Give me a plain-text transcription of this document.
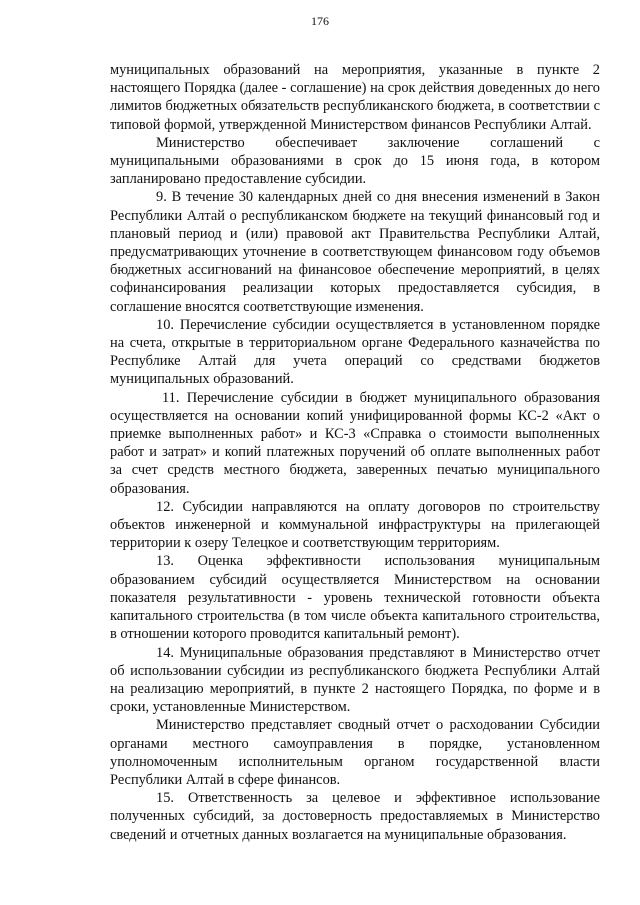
176

муниципальных образований на мероприятия, указанные в пункте 2 настоящего Порядка (далее - соглашение) на срок действия доведенных до него лимитов бюджетных обязательств республиканского бюджета, в соответствии с типовой формой, утвержденной Министерством финансов Республики Алтай.

Министерство обеспечивает заключение соглашений с муниципальными образованиями в срок до 15 июня года, в котором запланировано предоставление субсидии.

9. В течение 30 календарных дней со дня внесения изменений в Закон Республики Алтай о республиканском бюджете на текущий финансовый год и плановый период и (или) правовой акт Правительства Республики Алтай, предусматривающих уточнение в соответствующем финансовом году объемов бюджетных ассигнований на финансовое обеспечение мероприятий, в целях софинансирования реализации которых предоставляется субсидия, в соглашение вносятся соответствующие изменения.

10. Перечисление субсидии осуществляется в установленном порядке на счета, открытые в территориальном органе Федерального казначейства по Республике Алтай для учета операций со средствами бюджетов муниципальных образований.

11. Перечисление субсидии в бюджет муниципального образования осуществляется на основании копий унифицированной формы КС-2 «Акт о приемке выполненных работ» и КС-3 «Справка о стоимости выполненных работ и затрат» и копий платежных поручений об оплате выполненных работ за счет средств местного бюджета, заверенных печатью муниципального образования.

12. Субсидии направляются на оплату договоров по строительству объектов инженерной и коммунальной инфраструктуры на прилегающей территории к озеру Телецкое и соответствующим территориям.

13. Оценка эффективности использования муниципальным образованием субсидий осуществляется Министерством на основании показателя результативности - уровень технической готовности объекта капитального строительства (в том числе объекта капитального строительства, в отношении которого проводится капитальный ремонт).

14. Муниципальные образования представляют в Министерство отчет об использовании субсидии из республиканского бюджета Республики Алтай на реализацию мероприятий, в пункте 2 настоящего Порядка, по форме и в сроки, установленные Министерством.

Министерство представляет сводный отчет о расходовании Субсидии органами местного самоуправления в порядке, установленном уполномоченным исполнительным органом государственной власти Республики Алтай в сфере финансов.

15. Ответственность за целевое и эффективное использование полученных субсидий, за достоверность предоставляемых в Министерство сведений и отчетных данных возлагается на муниципальные образования.
